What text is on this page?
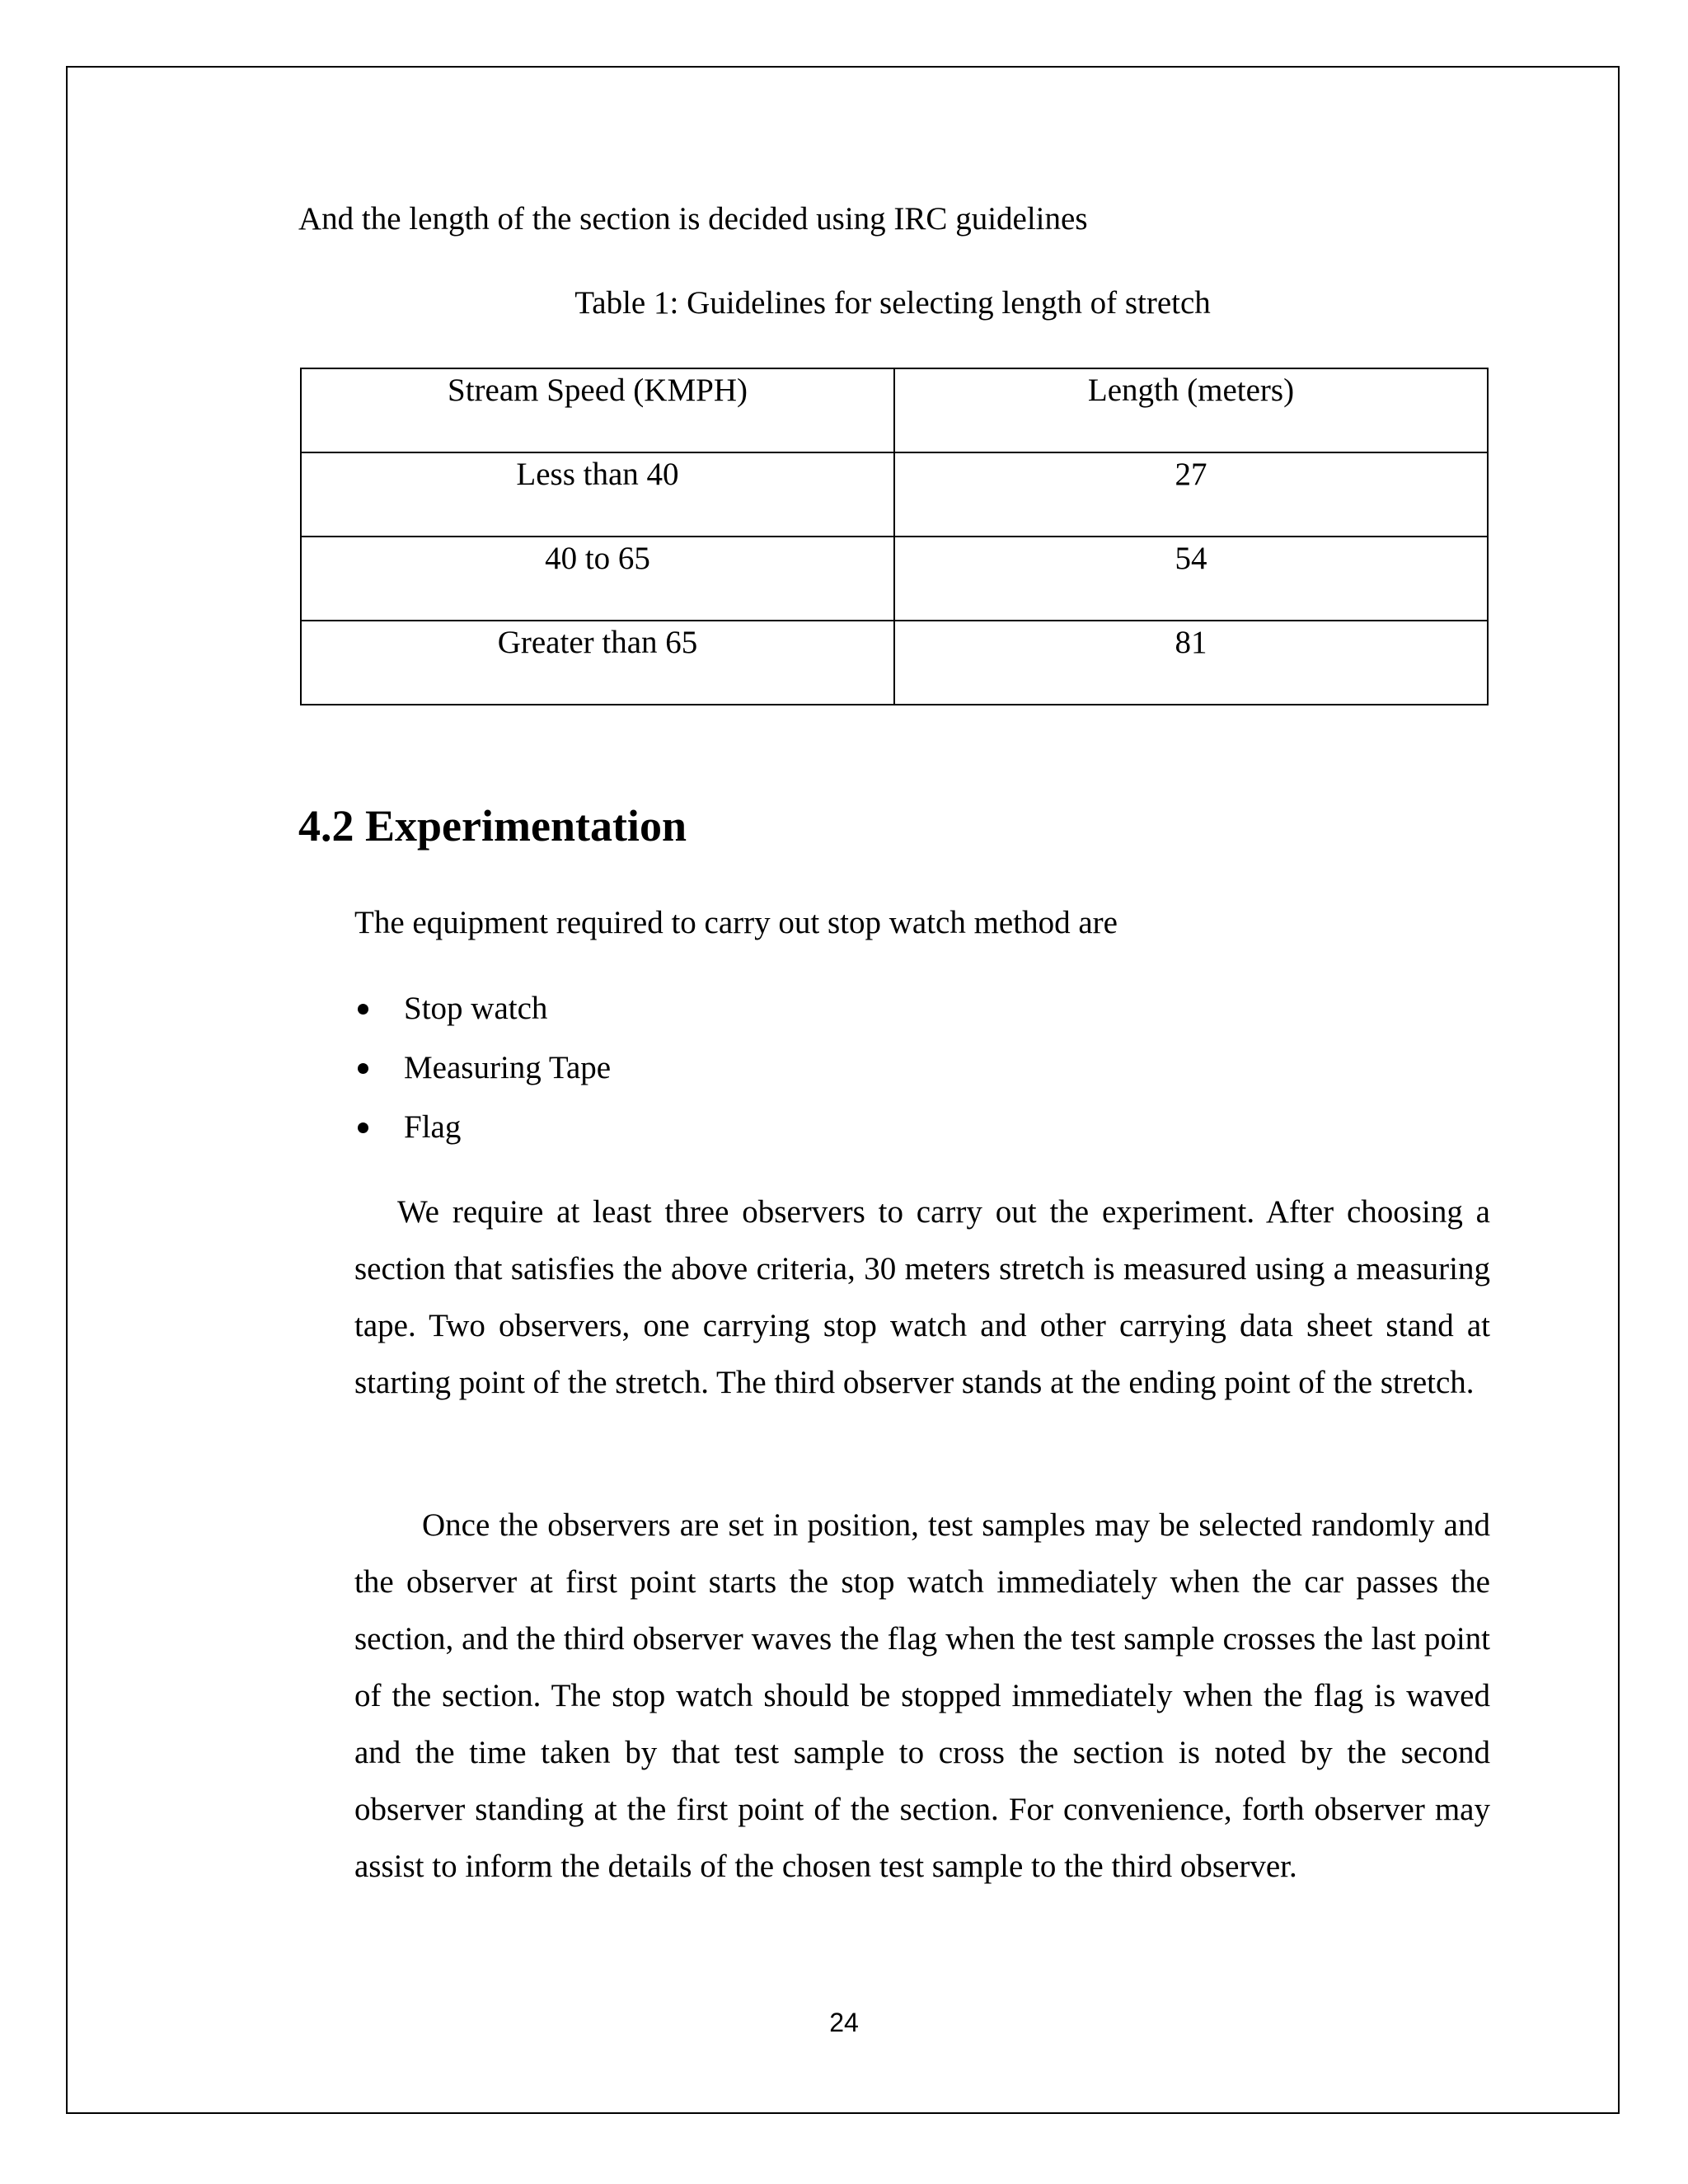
And the length of the section is decided using IRC guidelines
Table 1: Guidelines for selecting length of stretch
Stream Speed (KMPH)	Length (meters)
Less than 40	27
40 to 65	54
Greater than 65	81
4.2 Experimentation
The equipment required to carry out stop watch method are
Stop watch
Measuring Tape
Flag

We require at least three observers to carry out the experiment. After choosing a section that satisfies the above criteria, 30 meters stretch is measured using a measuring tape. Two observers, one carrying stop watch and other carrying data sheet stand at starting point of the stretch. The third observer stands at the ending point of the stretch.

Once the observers are set in position, test samples may be selected randomly and the observer at first point starts the stop watch immediately when the car passes the section, and the third observer waves the flag when the test sample crosses the last point of the section. The stop watch should be stopped immediately when the flag is waved and the time taken by that test sample to cross the section is noted by the second observer standing at the first point of the section. For convenience, forth observer may assist to inform the details of the chosen test sample to the third observer.

24
